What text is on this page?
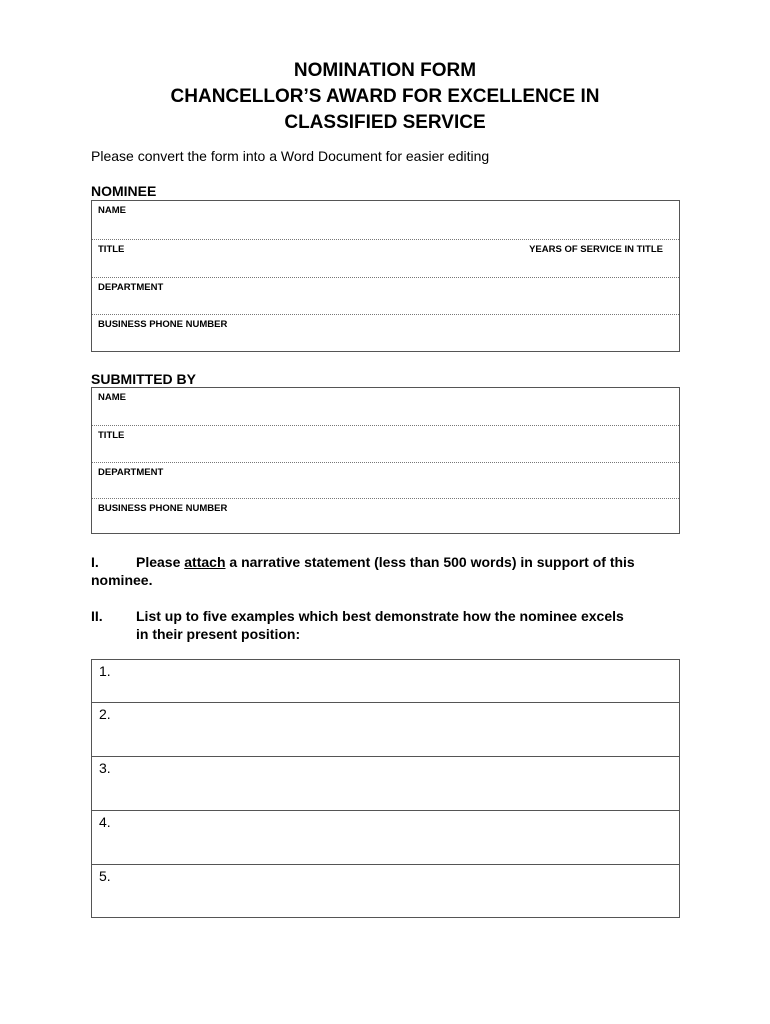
NOMINATION FORM
CHANCELLOR’S AWARD FOR EXCELLENCE IN
CLASSIFIED SERVICE
Please convert the form into a Word Document for easier editing
NOMINEE
NAME
TITLE	YEARS OF SERVICE IN TITLE
DEPARTMENT
BUSINESS PHONE NUMBER
SUBMITTED BY
NAME
TITLE
DEPARTMENT
BUSINESS PHONE NUMBER
I.	Please attach a narrative statement (less than 500 words) in support of this
nominee.
II. List up to five examples which best demonstrate how the nominee excels
in their present position:
1.
2.
3.
4.
5.
